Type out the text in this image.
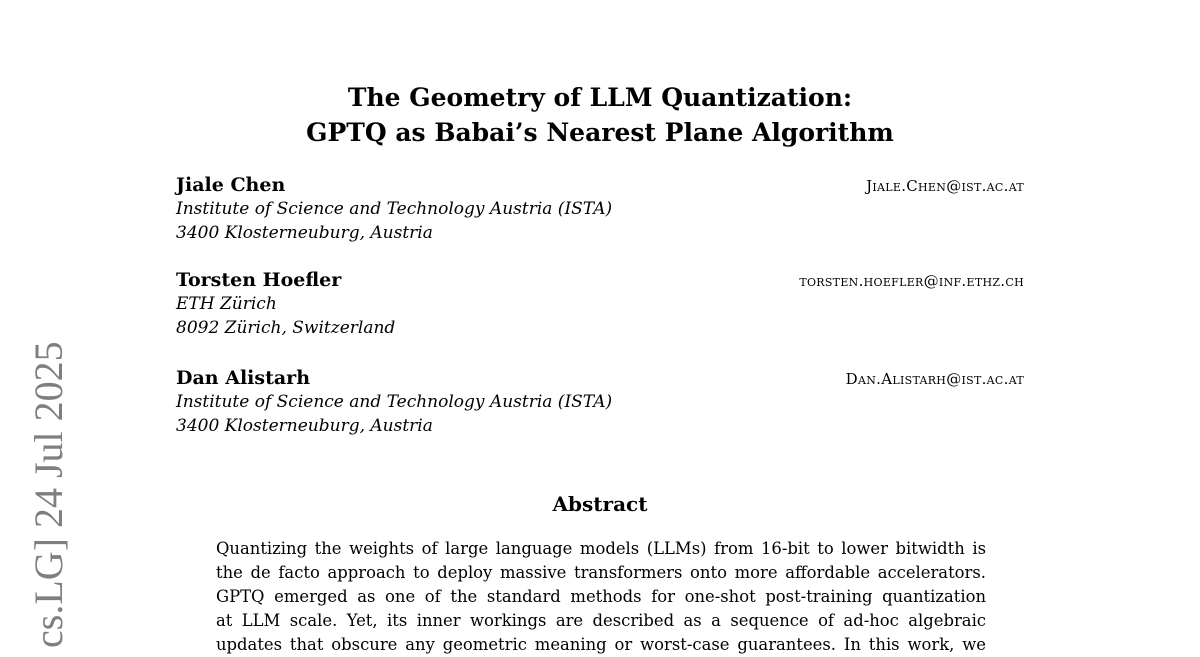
cs.LG] 24 Jul 2025
The Geometry of LLM Quantization:
GPTQ as Babai’s Nearest Plane Algorithm
Jiale Chen	Jiale.Chen@ist.ac.at
Institute of Science and Technology Austria (ISTA)
3400 Klosterneuburg, Austria
Torsten Hoefler	torsten.hoefler@inf.ethz.ch
ETH Zürich
8092 Zürich, Switzerland
Dan Alistarh	Dan.Alistarh@ist.ac.at
Institute of Science and Technology Austria (ISTA)
3400 Klosterneuburg, Austria
Abstract
Quantizing the weights of large language models (LLMs) from 16-bit to lower bitwidth is
the de facto approach to deploy massive transformers onto more affordable accelerators.
GPTQ emerged as one of the standard methods for one-shot post-training quantization
at LLM scale. Yet, its inner workings are described as a sequence of ad-hoc algebraic
updates that obscure any geometric meaning or worst-case guarantees. In this work, we
